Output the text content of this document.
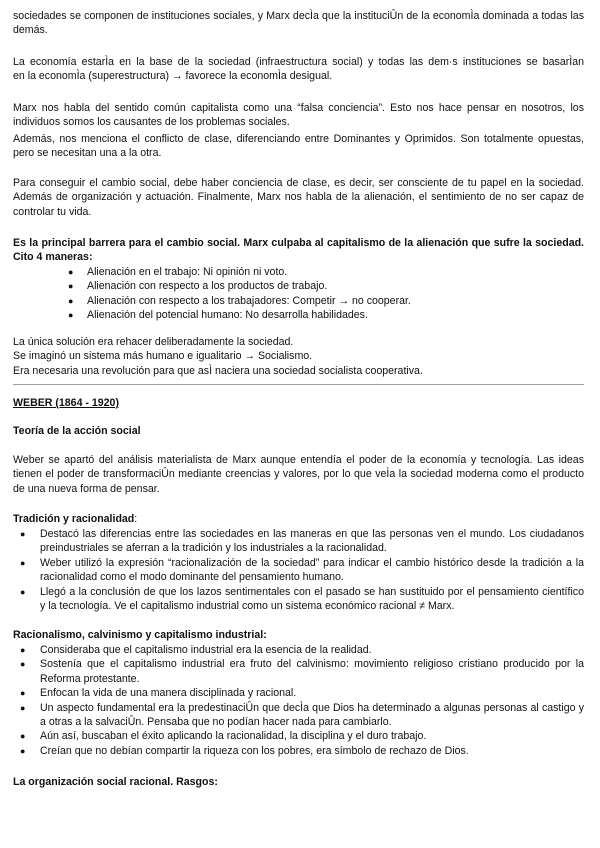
sociedades se componen de instituciones sociales, y Marx decÌa que la instituciÛn de la economÌa dominada a todas las demás.

La economía estarÌa en la base de la sociedad (infraestructura social) y todas las dem·s instituciones se basarÌan
en la economÌa (superestructura) → favorece la economÌa desigual.

Marx nos habla del sentido común capitalista como una “falsa conciencia”. Esto nos hace pensar en nosotros, los individuos somos los causantes de los problemas sociales.

Además, nos menciona el conflicto de clase, diferenciando entre Dominantes y Oprimidos. Son totalmente opuestas, pero se necesitan una a la otra.

Para conseguir el cambio social, debe haber conciencia de clase, es decir, ser consciente de tu papel en la sociedad. Además de organización y actuación. Finalmente, Marx nos habla de la alienación, el sentimiento de no ser capaz de controlar tu vida.

Es la principal barrera para el cambio social. Marx culpaba al capitalismo de la alienación que sufre la sociedad. Cito 4 maneras:

● Alienación en el trabajo: Ni opinión ni voto.
● Alienación con respecto a los productos de trabajo.
● Alienación con respecto a los trabajadores: Competir → no cooperar.
● Alienación del potencial humano: No desarrolla habilidades.

La única solución era rehacer deliberadamente la sociedad.
Se imaginó un sistema más humano e igualitario → Socialismo.
Era necesaria una revolución para que asÌ naciera una sociedad socialista cooperativa.

WEBER (1864 - 1920)

Teoría de la acción social

Weber se apartó del análisis materialista de Marx aunque entendía el poder de la economía y tecnología. Las ideas tienen el poder de transformaciÛn mediante creencias y valores, por lo que veÌa la sociedad moderna como el producto de una nueva forma de pensar.

Tradición y racionalidad:

● Destacó las diferencias entre las sociedades en las maneras en que las personas ven el mundo. Los ciudadanos preindustriales se aferran a la tradición y los industriales a la racionalidad.
● Weber utilizó la expresión “racionalización de la sociedad” para indicar el cambio histórico desde la tradición a la racionalidad como el modo dominante del pensamiento humano.
● Llegó a la conclusión de que los lazos sentimentales con el pasado se han sustituido por el pensamiento científico y la tecnología. Ve el capitalismo industrial como un sistema económico racional ≠ Marx.

Racionalismo, calvinismo y capitalismo industrial:

● Consideraba que el capitalismo industrial era la esencia de la realidad.
● Sostenía que el capitalismo industrial era fruto del calvinismo: movimiento religioso cristiano producido por la Reforma protestante.
● Enfocan la vida de una manera disciplinada y racional.
● Un aspecto fundamental era la predestinaciÛn que decÌa que Dios ha determinado a algunas personas al castigo y a otras a la salvaciÛn. Pensaba que no podían hacer nada para cambiarlo.
● Aún así, buscaban el éxito aplicando la racionalidad, la disciplina y el duro trabajo.
● Creían que no debían compartir la riqueza con los pobres, era símbolo de rechazo de Dios.

La organización social racional. Rasgos:
